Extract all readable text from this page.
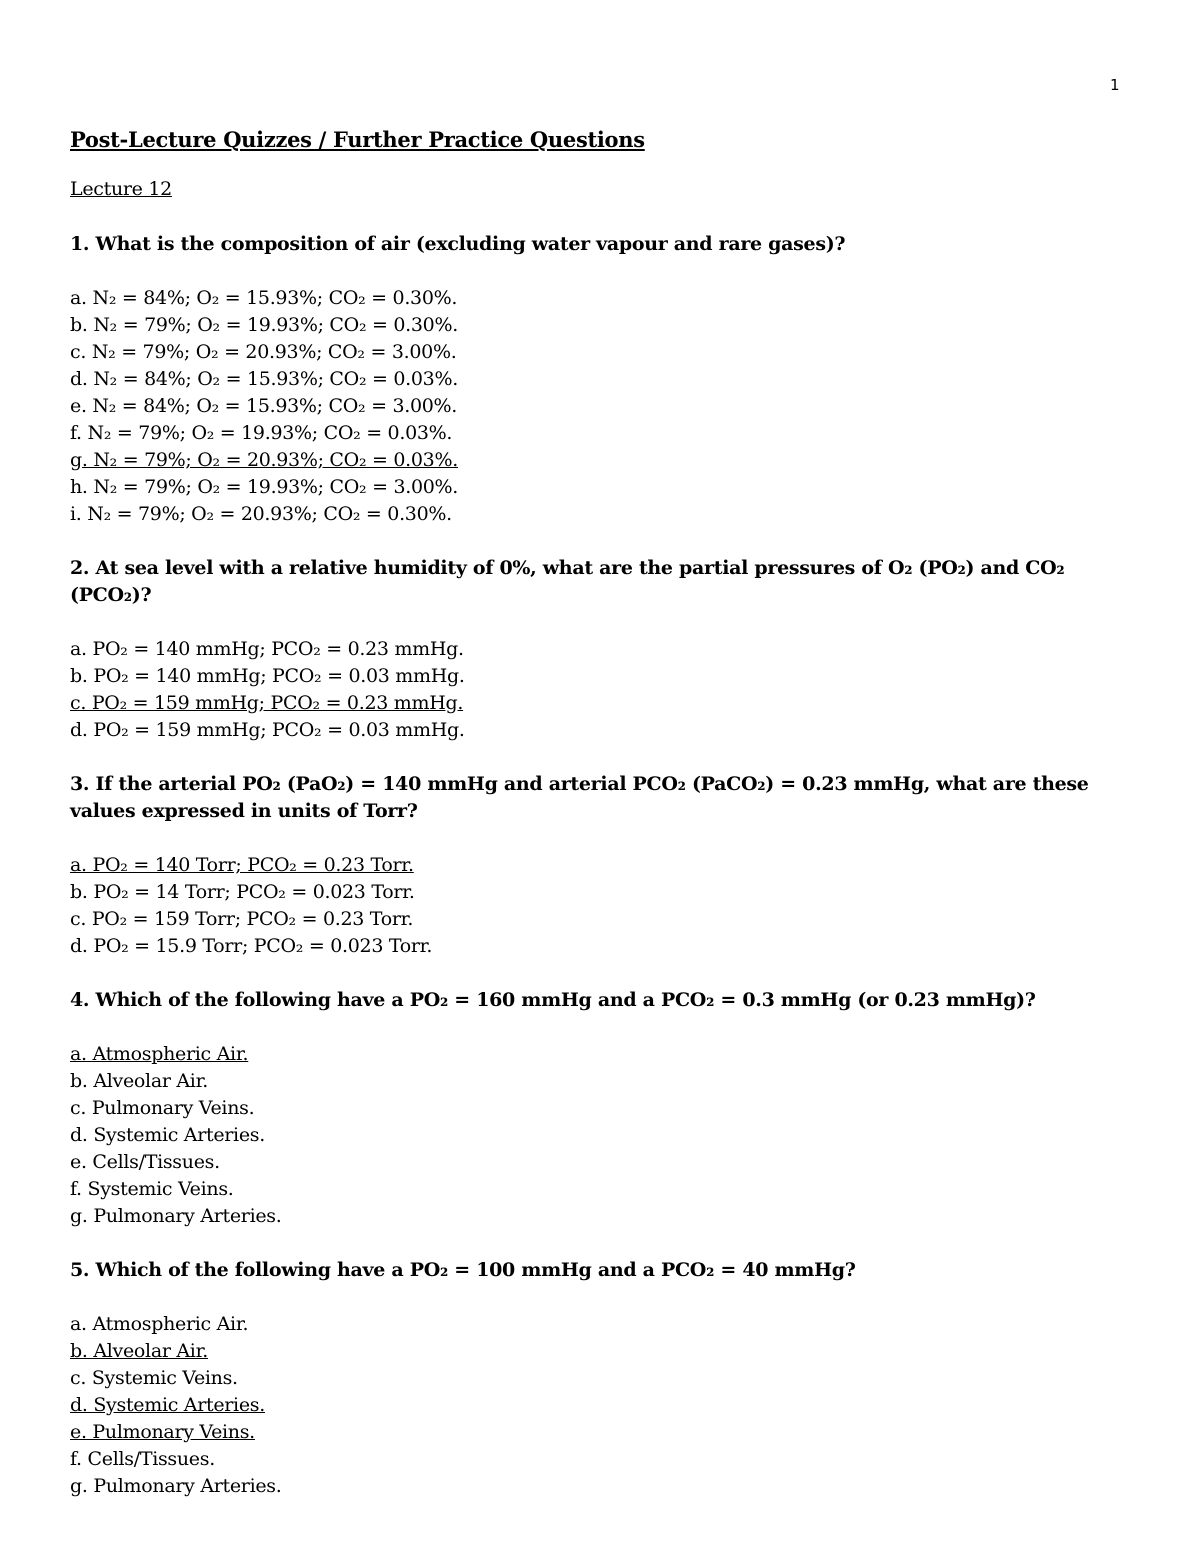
1
Post-Lecture Quizzes / Further Practice Questions
Lecture 12
1. What is the composition of air (excluding water vapour and rare gases)?
a. N₂ = 84%; O₂ = 15.93%; CO₂ = 0.30%.
b. N₂ = 79%; O₂ = 19.93%; CO₂ = 0.30%.
c. N₂ = 79%; O₂ = 20.93%; CO₂ = 3.00%.
d. N₂ = 84%; O₂ = 15.93%; CO₂ = 0.03%.
e. N₂ = 84%; O₂ = 15.93%; CO₂ = 3.00%.
f. N₂ = 79%; O₂ = 19.93%; CO₂ = 0.03%.
g. N₂ = 79%; O₂ = 20.93%; CO₂ = 0.03%.
h. N₂ = 79%; O₂ = 19.93%; CO₂ = 3.00%.
i. N₂ = 79%; O₂ = 20.93%; CO₂ = 0.30%.
2. At sea level with a relative humidity of 0%, what are the partial pressures of O₂ (PO₂) and CO₂ (PCO₂)?
a. PO₂ = 140 mmHg; PCO₂ = 0.23 mmHg.
b. PO₂ = 140 mmHg; PCO₂ = 0.03 mmHg.
c. PO₂ = 159 mmHg; PCO₂ = 0.23 mmHg.
d. PO₂ = 159 mmHg; PCO₂ = 0.03 mmHg.
3. If the arterial PO₂ (PaO₂) = 140 mmHg and arterial PCO₂ (PaCO₂) = 0.23 mmHg, what are these values expressed in units of Torr?
a. PO₂ = 140 Torr; PCO₂ = 0.23 Torr.
b. PO₂ = 14 Torr; PCO₂ = 0.023 Torr.
c. PO₂ = 159 Torr; PCO₂ = 0.23 Torr.
d. PO₂ = 15.9 Torr; PCO₂ = 0.023 Torr.
4. Which of the following have a PO₂ = 160 mmHg and a PCO₂ = 0.3 mmHg (or 0.23 mmHg)?
a. Atmospheric Air.
b. Alveolar Air.
c. Pulmonary Veins.
d. Systemic Arteries.
e. Cells/Tissues.
f. Systemic Veins.
g. Pulmonary Arteries.
5. Which of the following have a PO₂ = 100 mmHg and a PCO₂ = 40 mmHg?
a. Atmospheric Air.
b. Alveolar Air.
c. Systemic Veins.
d. Systemic Arteries.
e. Pulmonary Veins.
f. Cells/Tissues.
g. Pulmonary Arteries.
